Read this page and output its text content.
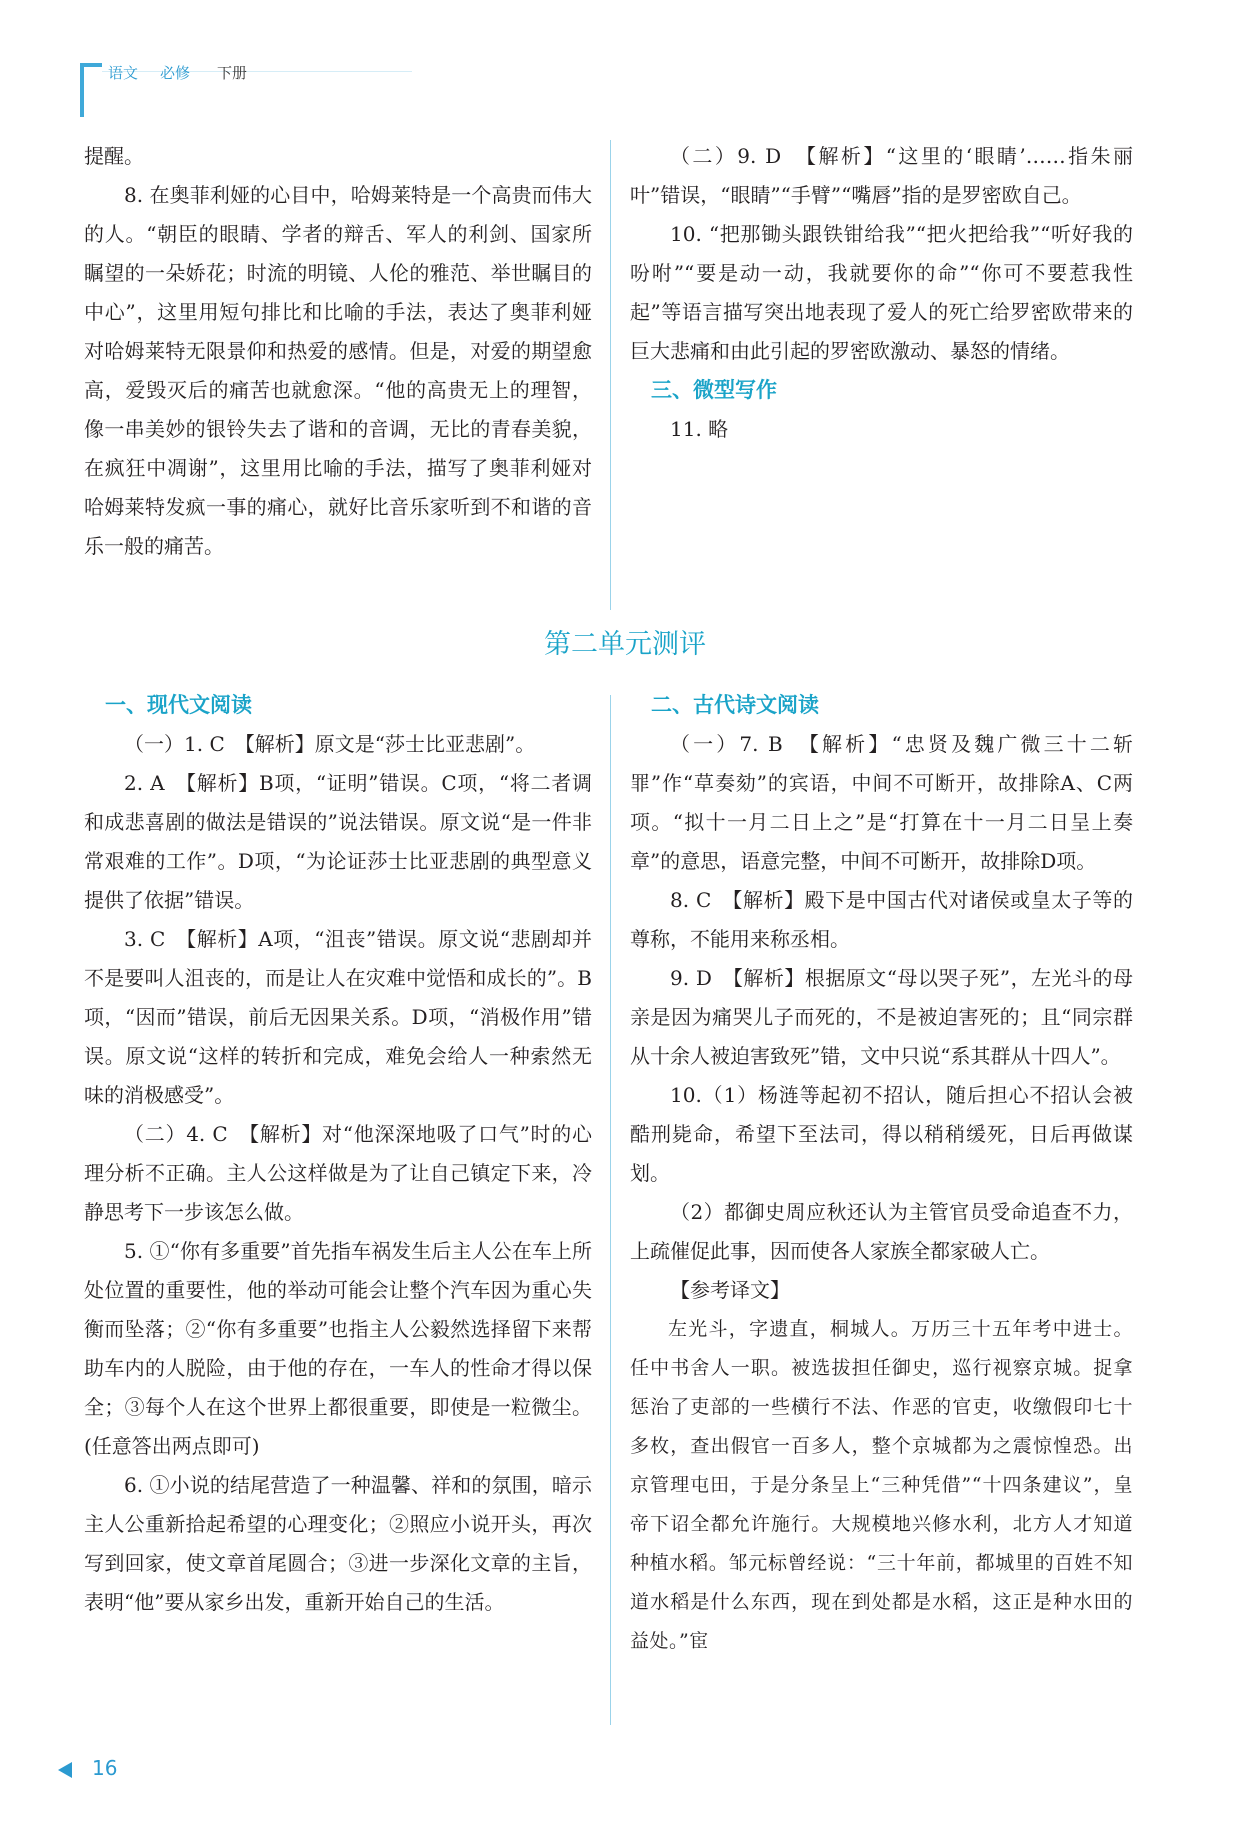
语文 必修 下册

提醒。

8. 在奥菲利娅的心目中，哈姆莱特是一个高贵而伟大的人。“朝臣的眼睛、学者的辩舌、军人的利剑、国家所瞩望的一朵娇花；时流的明镜、人伦的雅范、举世瞩目的中心”，这里用短句排比和比喻的手法，表达了奥菲利娅对哈姆莱特无限景仰和热爱的感情。但是，对爱的期望愈高，爱毁灭后的痛苦也就愈深。“他的高贵无上的理智，像一串美妙的银铃失去了谐和的音调，无比的青春美貌，在疯狂中凋谢”，这里用比喻的手法，描写了奥菲利娅对哈姆莱特发疯一事的痛心，就好比音乐家听到不和谐的音乐一般的痛苦。

（二）9. D　【解析】“这里的‘眼睛’……指朱丽叶”错误，“眼睛”“手臂”“嘴唇”指的是罗密欧自己。

10. “把那锄头跟铁钳给我”“把火把给我”“听好我的吩咐”“要是动一动，我就要你的命”“你可不要惹我性起”等语言描写突出地表现了爱人的死亡给罗密欧带来的巨大悲痛和由此引起的罗密欧激动、暴怒的情绪。

三、微型写作

11. 略

第二单元测评
一、现代文阅读

（一）1. C　【解析】原文是“莎士比亚悲剧”。

2. A　【解析】B项，“证明”错误。C项，“将二者调和成悲喜剧的做法是错误的”说法错误。原文说“是一件非常艰难的工作”。D项，“为论证莎士比亚悲剧的典型意义提供了依据”错误。

3. C　【解析】A项，“沮丧”错误。原文说“悲剧却并不是要叫人沮丧的，而是让人在灾难中觉悟和成长的”。B项，“因而”错误，前后无因果关系。D项，“消极作用”错误。原文说“这样的转折和完成，难免会给人一种索然无味的消极感受”。

（二）4. C　【解析】对“他深深地吸了口气”时的心理分析不正确。主人公这样做是为了让自己镇定下来，冷静思考下一步该怎么做。

5. ①“你有多重要”首先指车祸发生后主人公在车上所处位置的重要性，他的举动可能会让整个汽车因为重心失衡而坠落；②“你有多重要”也指主人公毅然选择留下来帮助车内的人脱险，由于他的存在，一车人的性命才得以保全；③每个人在这个世界上都很重要，即使是一粒微尘。(任意答出两点即可)

6. ①小说的结尾营造了一种温馨、祥和的氛围，暗示主人公重新拾起希望的心理变化；②照应小说开头，再次写到回家，使文章首尾圆合；③进一步深化文章的主旨，表明“他”要从家乡出发，重新开始自己的生活。

二、古代诗文阅读

（一）7. B　【解析】“忠贤及魏广微三十二斩罪”作“草奏劾”的宾语，中间不可断开，故排除A、C两项。“拟十一月二日上之”是“打算在十一月二日呈上奏章”的意思，语意完整，中间不可断开，故排除D项。

8. C　【解析】殿下是中国古代对诸侯或皇太子等的尊称，不能用来称丞相。

9. D　【解析】根据原文“母以哭子死”，左光斗的母亲是因为痛哭儿子而死的，不是被迫害死的；且“同宗群从十余人被迫害致死”错，文中只说“系其群从十四人”。

10.（1）杨涟等起初不招认，随后担心不招认会被酷刑毙命，希望下至法司，得以稍稍缓死，日后再做谋划。

（2）都御史周应秋还认为主管官员受命追查不力，上疏催促此事，因而使各人家族全都家破人亡。

【参考译文】

左光斗，字遗直，桐城人。万历三十五年考中进士。任中书舍人一职。被选拔担任御史，巡行视察京城。捉拿惩治了吏部的一些横行不法、作恶的官吏，收缴假印七十多枚，查出假官一百多人，整个京城都为之震惊惶恐。出京管理屯田，于是分条呈上“三种凭借”“十四条建议”，皇帝下诏全都允许施行。大规模地兴修水利，北方人才知道种植水稻。邹元标曾经说：“三十年前，都城里的百姓不知道水稻是什么东西，现在到处都是水稻，这正是种水田的益处。”宦

16
